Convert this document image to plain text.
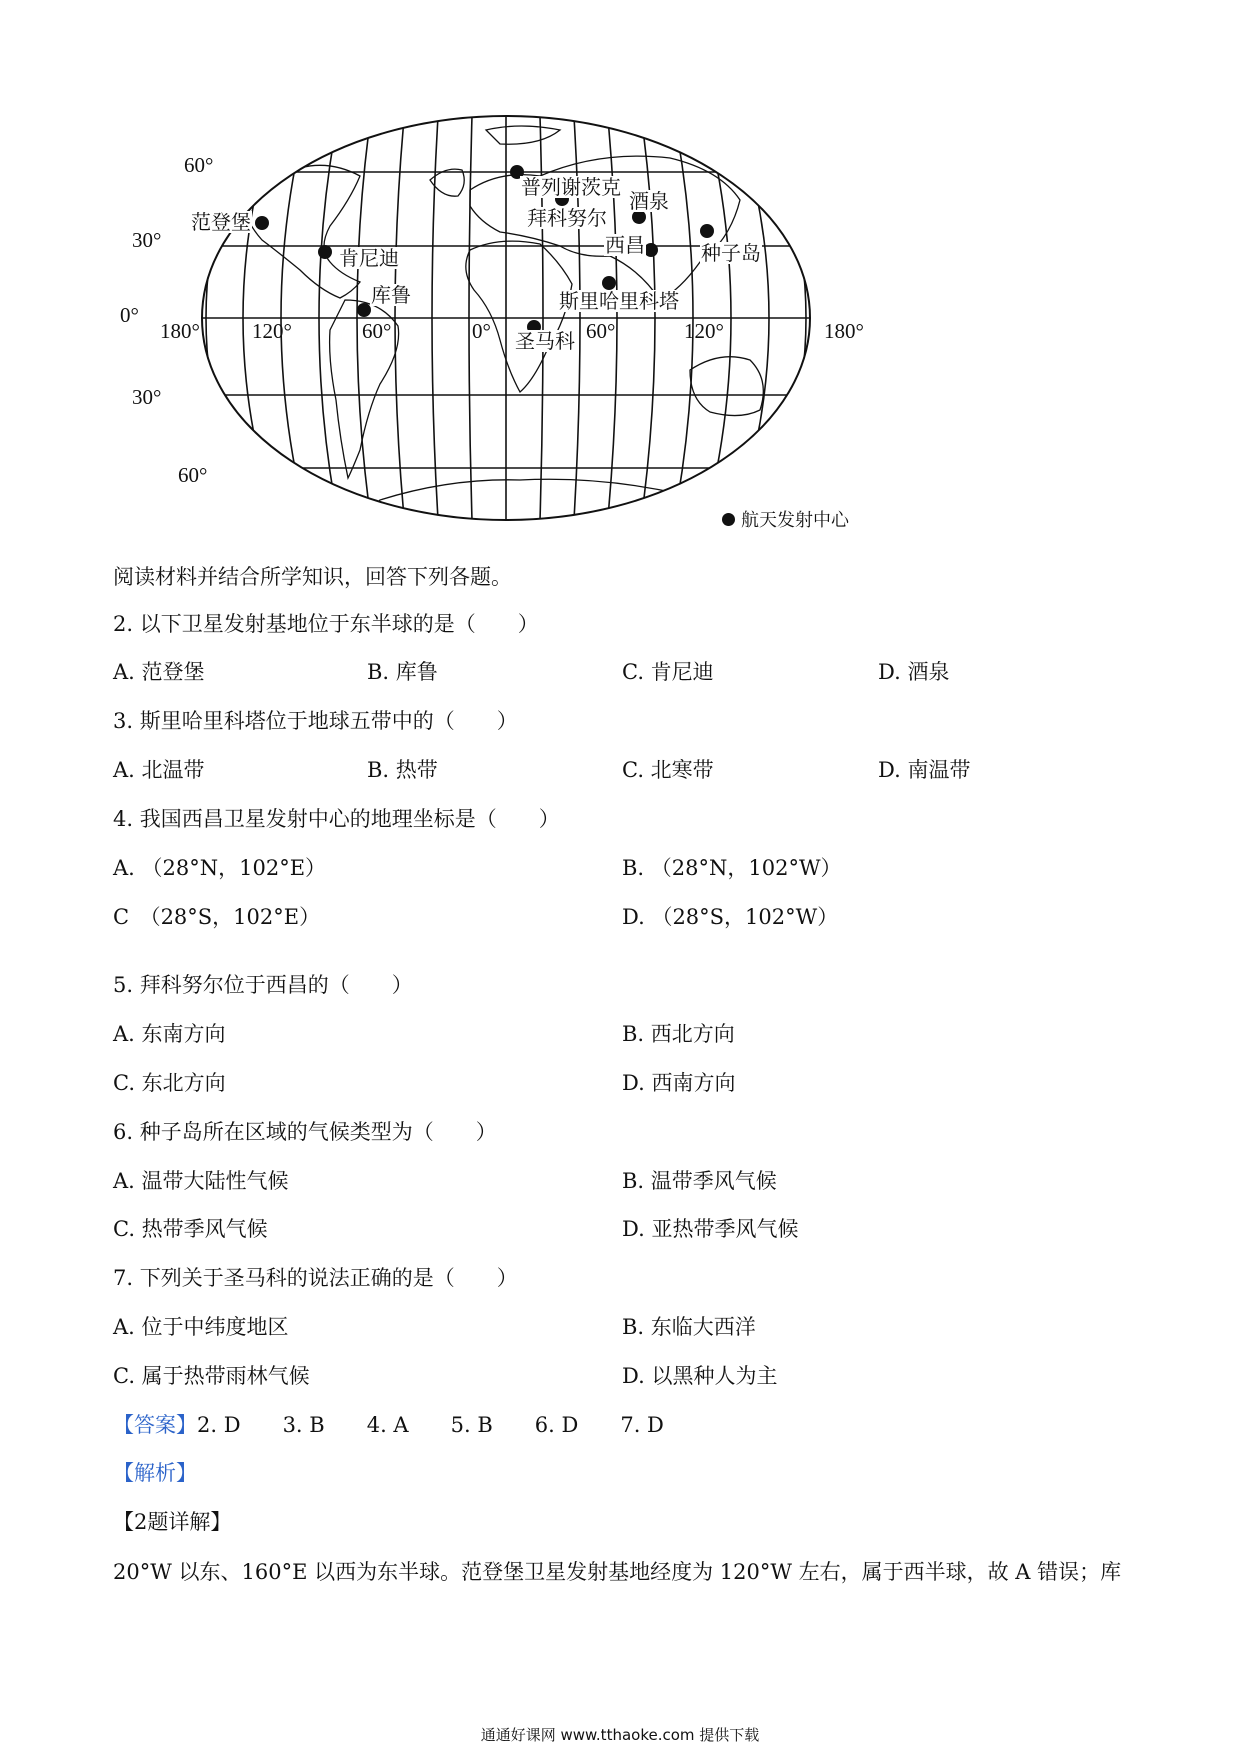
60°
30°
0°
30°
60°
180° 120°	60°	0°	60°	120°	180°
范登堡
肯尼迪
库鲁
圣马科
普列谢茨克
拜科努尔
酒泉
西昌	种子岛
斯里哈里科塔
航天发射中心
阅读材料并结合所学知识，回答下列各题。
2. 以下卫星发射基地位于东半球的是（　　）
A. 范登堡	B. 库鲁	C. 肯尼迪	D. 酒泉
3. 斯里哈里科塔位于地球五带中的（　　）
A. 北温带	B. 热带	C. 北寒带	D. 南温带
4. 我国西昌卫星发射中心的地理坐标是（　　）
A. （28°N，102°E）	B. （28°N，102°W）
C　（28°S，102°E）	D. （28°S，102°W）
5. 拜科努尔位于西昌的（　　）
A. 东南方向	B. 西北方向
C. 东北方向	D. 西南方向
6. 种子岛所在区域的气候类型为（　　）
A. 温带大陆性气候	B. 温带季风气候
C. 热带季风气候	D. 亚热带季风气候
7. 下列关于圣马科的说法正确的是（　　）
A. 位于中纬度地区	B. 东临大西洋
C. 属于热带雨林气候	D. 以黑种人为主
【答案】2. D 3. B 4. A 5. B 6. D 7. D
【解析】
【2题详解】
20°W 以东、160°E 以西为东半球。范登堡卫星发射基地经度为 120°W 左右，属于西半球，故 A 错误；库
通通好课网 www.tthaoke.com 提供下载
